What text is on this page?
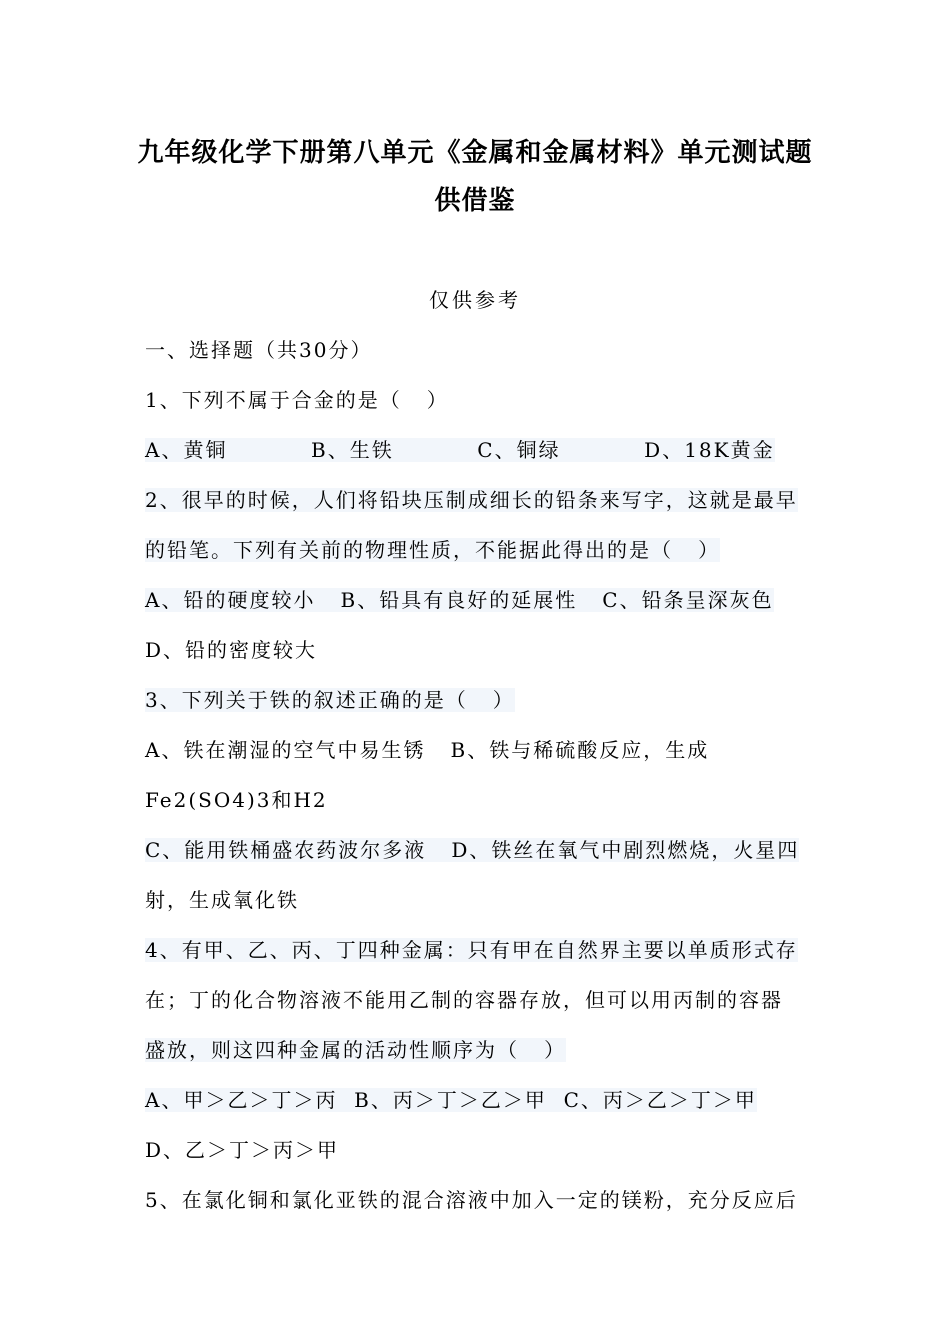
九年级化学下册第八单元《金属和金属材料》单元测试题
供借鉴
仅供参考
一、选择题（共30分）
1、下列不属于合金的是（   ）
A、黄铜          B、生铁          C、铜绿          D、18K黄金
2、很早的时候，人们将铅块压制成细长的铅条来写字，这就是最早
的铅笔。下列有关前的物理性质，不能据此得出的是（   ）
A、铅的硬度较小   B、铅具有良好的延展性   C、铅条呈深灰色
D、铅的密度较大
3、下列关于铁的叙述正确的是（   ）
A、铁在潮湿的空气中易生锈   B、铁与稀硫酸反应，生成
Fe2(SO4)3和H2
C、能用铁桶盛农药波尔多液   D、铁丝在氧气中剧烈燃烧，火星四
射，生成氧化铁
4、有甲、乙、丙、丁四种金属：只有甲在自然界主要以单质形式存
在；丁的化合物溶液不能用乙制的容器存放，但可以用丙制的容器
盛放，则这四种金属的活动性顺序为（   ）
A、甲＞乙＞丁＞丙  B、丙＞丁＞乙＞甲  C、丙＞乙＞丁＞甲
D、乙＞丁＞丙＞甲
5、在氯化铜和氯化亚铁的混合溶液中加入一定的镁粉，充分反应后
